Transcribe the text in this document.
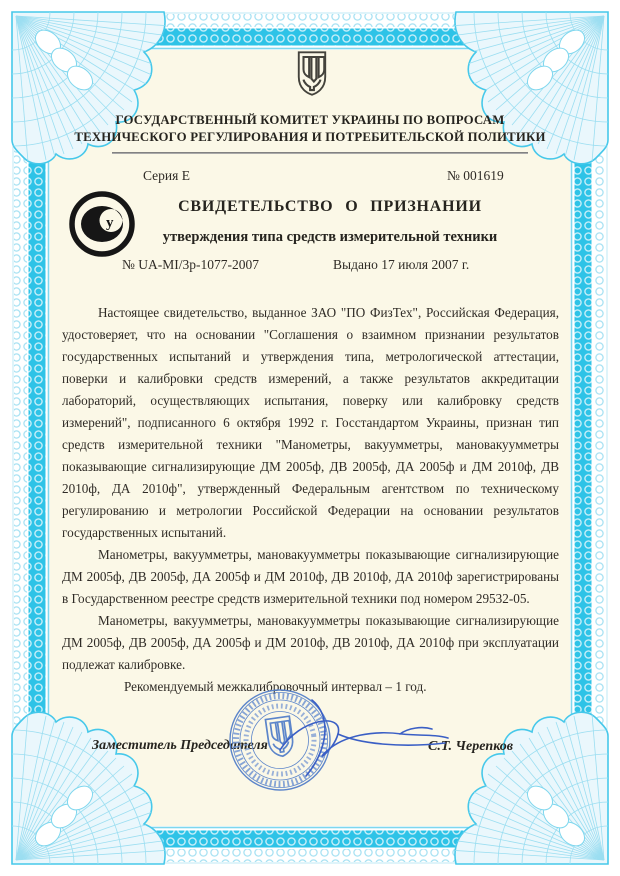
ГОСУДАРСТВЕННЫЙ КОМИТЕТ УКРАИНЫ ПО ВОПРОСАМ
ТЕХНИЧЕСКОГО РЕГУЛИРОВАНИЯ И ПОТРЕБИТЕЛЬСКОЙ ПОЛИТИКИ
Серия Е	№ 001619
у
СВИДЕТЕЛЬСТВО О ПРИЗНАНИИ
утверждения типа средств измерительной техники
№ UA-MI/3р-1077-2007	Выдано 17 июля 2007 г.

Настоящее свидетельство, выданное ЗАО "ПО ФизТех", Российская Федерация, удостоверяет, что на основании "Соглашения о взаимном признании результатов государственных испытаний и утверждения типа, метрологической аттестации, поверки и калибровки средств измерений, а также результатов аккредитации лабораторий, осуществляющих испытания, поверку или калибровку средств измерений", подписанного 6 октября 1992 г. Госстандартом Украины, признан тип средств измерительной техники "Манометры, вакуумметры, мановакуумметры показывающие сигнализирующие ДМ 2005ф, ДВ 2005ф, ДА 2005ф и ДМ 2010ф, ДВ 2010ф, ДА 2010ф", утвержденный Федеральным агентством по техническому регулированию и метрологии Российской Федерации на основании результатов государственных испытаний.

Манометры, вакуумметры, мановакуумметры показывающие сигнализирующие ДМ 2005ф, ДВ 2005ф, ДА 2005ф и ДМ 2010ф, ДВ 2010ф, ДА 2010ф зарегистрированы в Государственном реестре средств измерительной техники под номером 29532-05.

Манометры, вакуумметры, мановакуумметры показывающие сигнализирующие ДМ 2005ф, ДВ 2005ф, ДА 2005ф и ДМ 2010ф, ДВ 2010ф, ДА 2010ф при эксплуатации подлежат калибровке.

Рекомендуемый межкалибровочный интервал – 1 год.

Заместитель Председателя	С.Т. Черепков
